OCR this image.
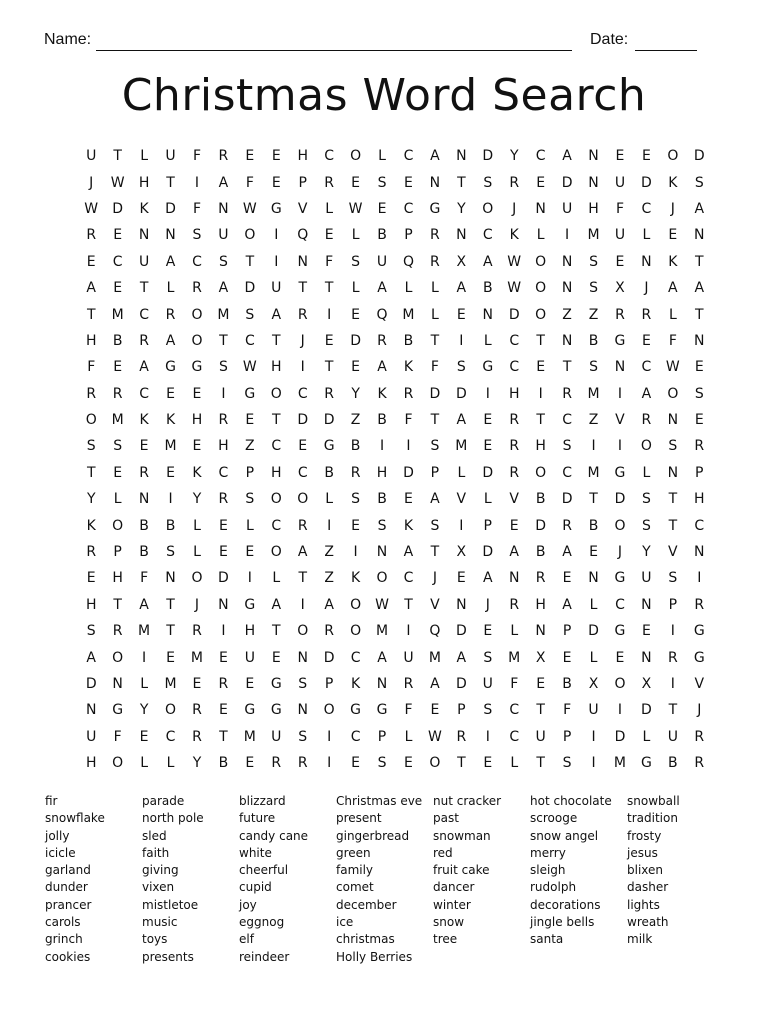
Name:	Date:
Christmas Word Search
U	T	L	U	F	R	E	E	H	C	O	L	C	A	N	D	Y	C	A	N	E	E	O	D
J	W	H	T	I	A	F	E	P	R	E	S	E	N	T	S	R	E	D	N	U	D	K	S
W	D	K	D	F	N	W	G	V	L	W	E	C	G	Y	O	J	N	U	H	F	C	J	A
R	E	N	N	S	U	O	I	Q	E	L	B	P	R	N	C	K	L	I	M	U	L	E	N
E	C	U	A	C	S	T	I	N	F	S	U	Q	R	X	A	W	O	N	S	E	N	K	T
A	E	T	L	R	A	D	U	T	T	L	A	L	L	A	B	W	O	N	S	X	J	A	A
T	M	C	R	O	M	S	A	R	I	E	Q	M	L	E	N	D	O	Z	Z	R	R	L	T
H	B	R	A	O	T	C	T	J	E	D	R	B	T	I	L	C	T	N	B	G	E	F	N
F	E	A	G	G	S	W	H	I	T	E	A	K	F	S	G	C	E	T	S	N	C	W	E
R	R	C	E	E	I	G	O	C	R	Y	K	R	D	D	I	H	I	R	M	I	A	O	S
O	M	K	K	H	R	E	T	D	D	Z	B	F	T	A	E	R	T	C	Z	V	R	N	E
S	S	E	M	E	H	Z	C	E	G	B	I	I	S	M	E	R	H	S	I	I	O	S	R
T	E	R	E	K	C	P	H	C	B	R	H	D	P	L	D	R	O	C	M	G	L	N	P
Y	L	N	I	Y	R	S	O	O	L	S	B	E	A	V	L	V	B	D	T	D	S	T	H
K	O	B	B	L	E	L	C	R	I	E	S	K	S	I	P	E	D	R	B	O	S	T	C
R	P	B	S	L	E	E	O	A	Z	I	N	A	T	X	D	A	B	A	E	J	Y	V	N
E	H	F	N	O	D	I	L	T	Z	K	O	C	J	E	A	N	R	E	N	G	U	S	I
H	T	A	T	J	N	G	A	I	A	O	W	T	V	N	J	R	H	A	L	C	N	P	R
S	R	M	T	R	I	H	T	O	R	O	M	I	Q	D	E	L	N	P	D	G	E	I	G
A	O	I	E	M	E	U	E	N	D	C	A	U	M	A	S	M	X	E	L	E	N	R	G
D	N	L	M	E	R	E	G	S	P	K	N	R	A	D	U	F	E	B	X	O	X	I	V
N	G	Y	O	R	E	G	G	N	O	G	G	F	E	P	S	C	T	F	U	I	D	T	J
U	F	E	C	R	T	M	U	S	I	C	P	L	W	R	I	C	U	P	I	D	L	U	R
H	O	L	L	Y	B	E	R	R	I	E	S	E	O	T	E	L	T	S	I	M	G	B	R
fir
snowflake
jolly
icicle
garland
dunder
prancer
carols
grinch
cookies
parade
north pole
sled
faith
giving
vixen
mistletoe
music
toys
presents
blizzard
future
candy cane
white
cheerful
cupid
joy
eggnog
elf
reindeer
Christmas eve
present
gingerbread
green
family
comet
december
ice
christmas
Holly Berries
nut cracker
past
snowman
red
fruit cake
dancer
winter
snow
tree
hot chocolate
scrooge
snow angel
merry
sleigh
rudolph
decorations
jingle bells
santa
snowball
tradition
frosty
jesus
blixen
dasher
lights
wreath
milk
